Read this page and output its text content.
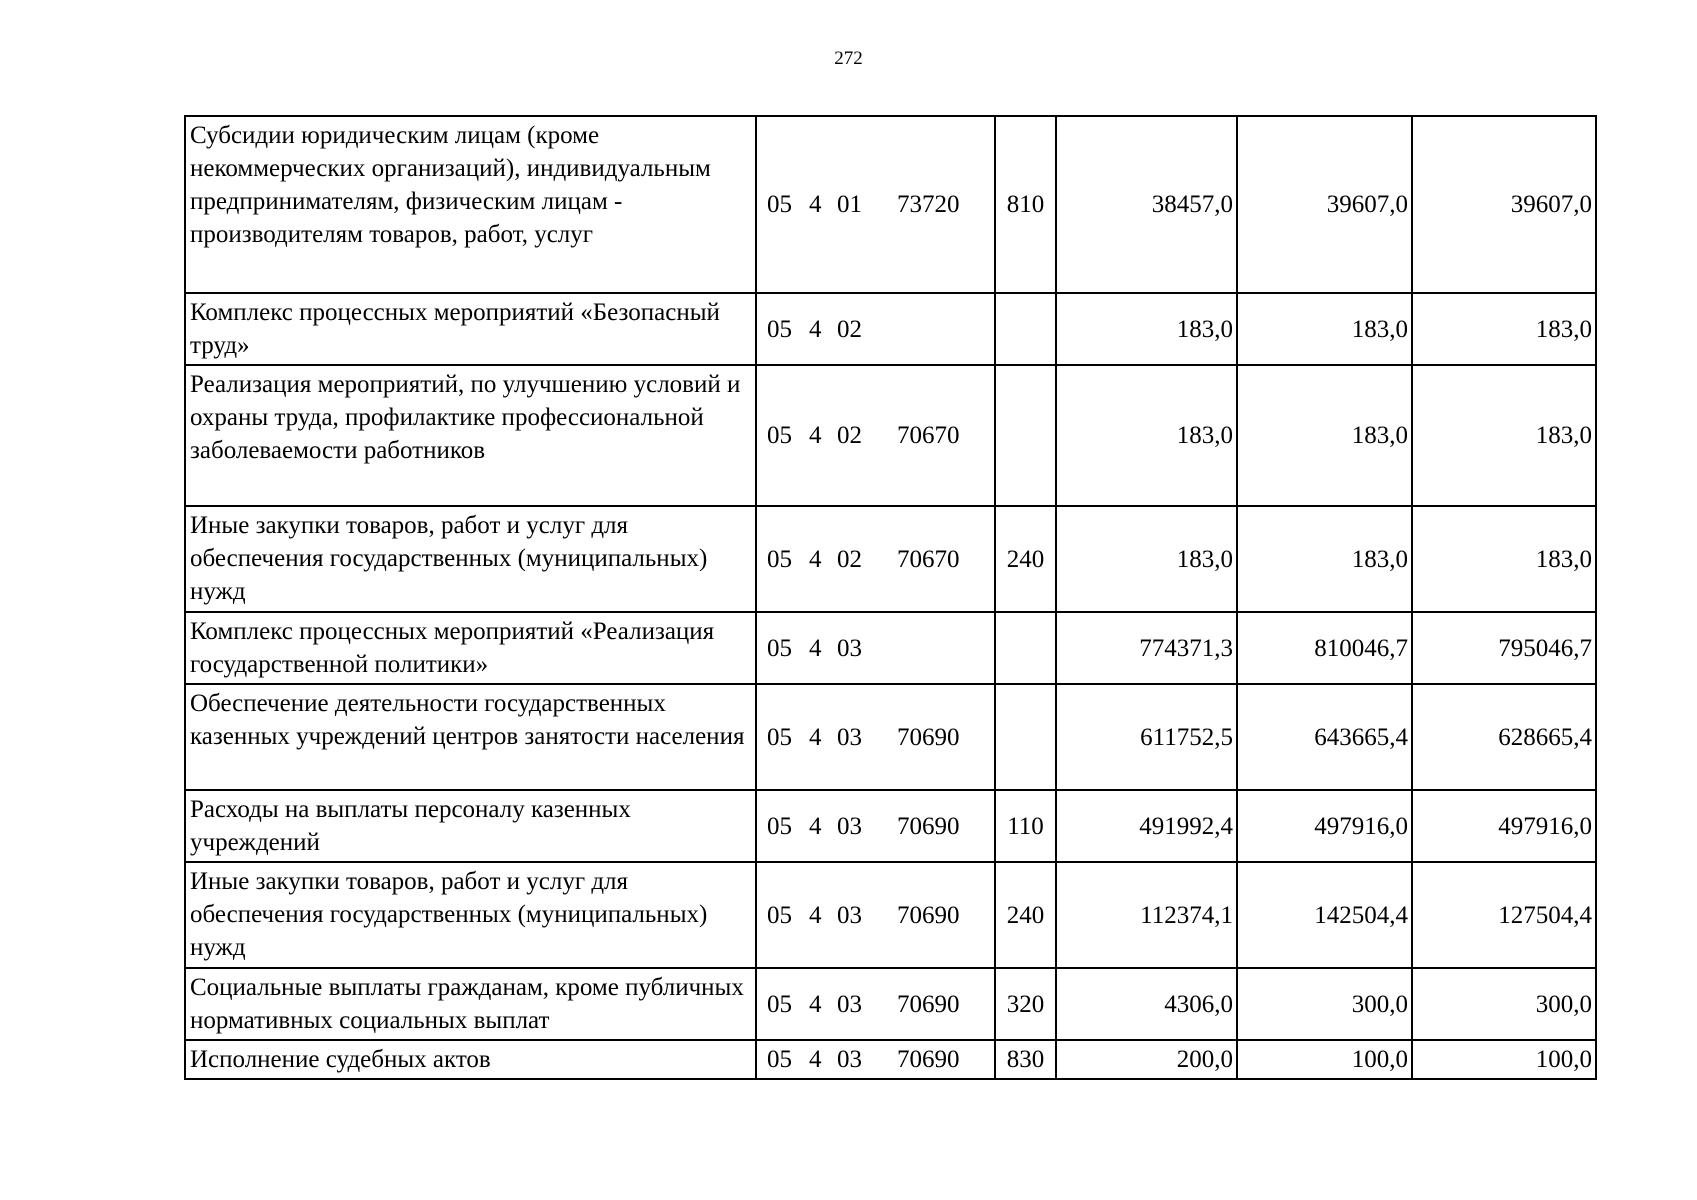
272
Субсидии юридическим лицам (кроме некоммерческих организаций), индивидуальным предпринимателям, физическим лицам - производителям товаров, работ, услуг	05 4 01 73720	810	38457,0	39607,0	39607,0
Комплекс процессных мероприятий «Безопасный труд»	05 4 02		183,0	183,0	183,0
Реализация мероприятий, по улучшению условий и охраны труда, профилактике профессиональной заболеваемости работников	05 4 02 70670		183,0	183,0	183,0
Иные закупки товаров, работ и услуг для обеспечения государственных (муниципальных) нужд	05 4 02 70670	240	183,0	183,0	183,0
Комплекс процессных мероприятий «Реализация государственной политики»	05 4 03		774371,3	810046,7	795046,7
Обеспечение деятельности государственных казенных учреждений центров занятости населения	05 4 03 70690		611752,5	643665,4	628665,4
Расходы на выплаты персоналу казенных учреждений	05 4 03 70690	110	491992,4	497916,0	497916,0
Иные закупки товаров, работ и услуг для обеспечения государственных (муниципальных) нужд	05 4 03 70690	240	112374,1	142504,4	127504,4
Социальные выплаты гражданам, кроме публичных нормативных социальных выплат	05 4 03 70690	320	4306,0	300,0	300,0
Исполнение судебных актов	05 4 03 70690	830	200,0	100,0	100,0
